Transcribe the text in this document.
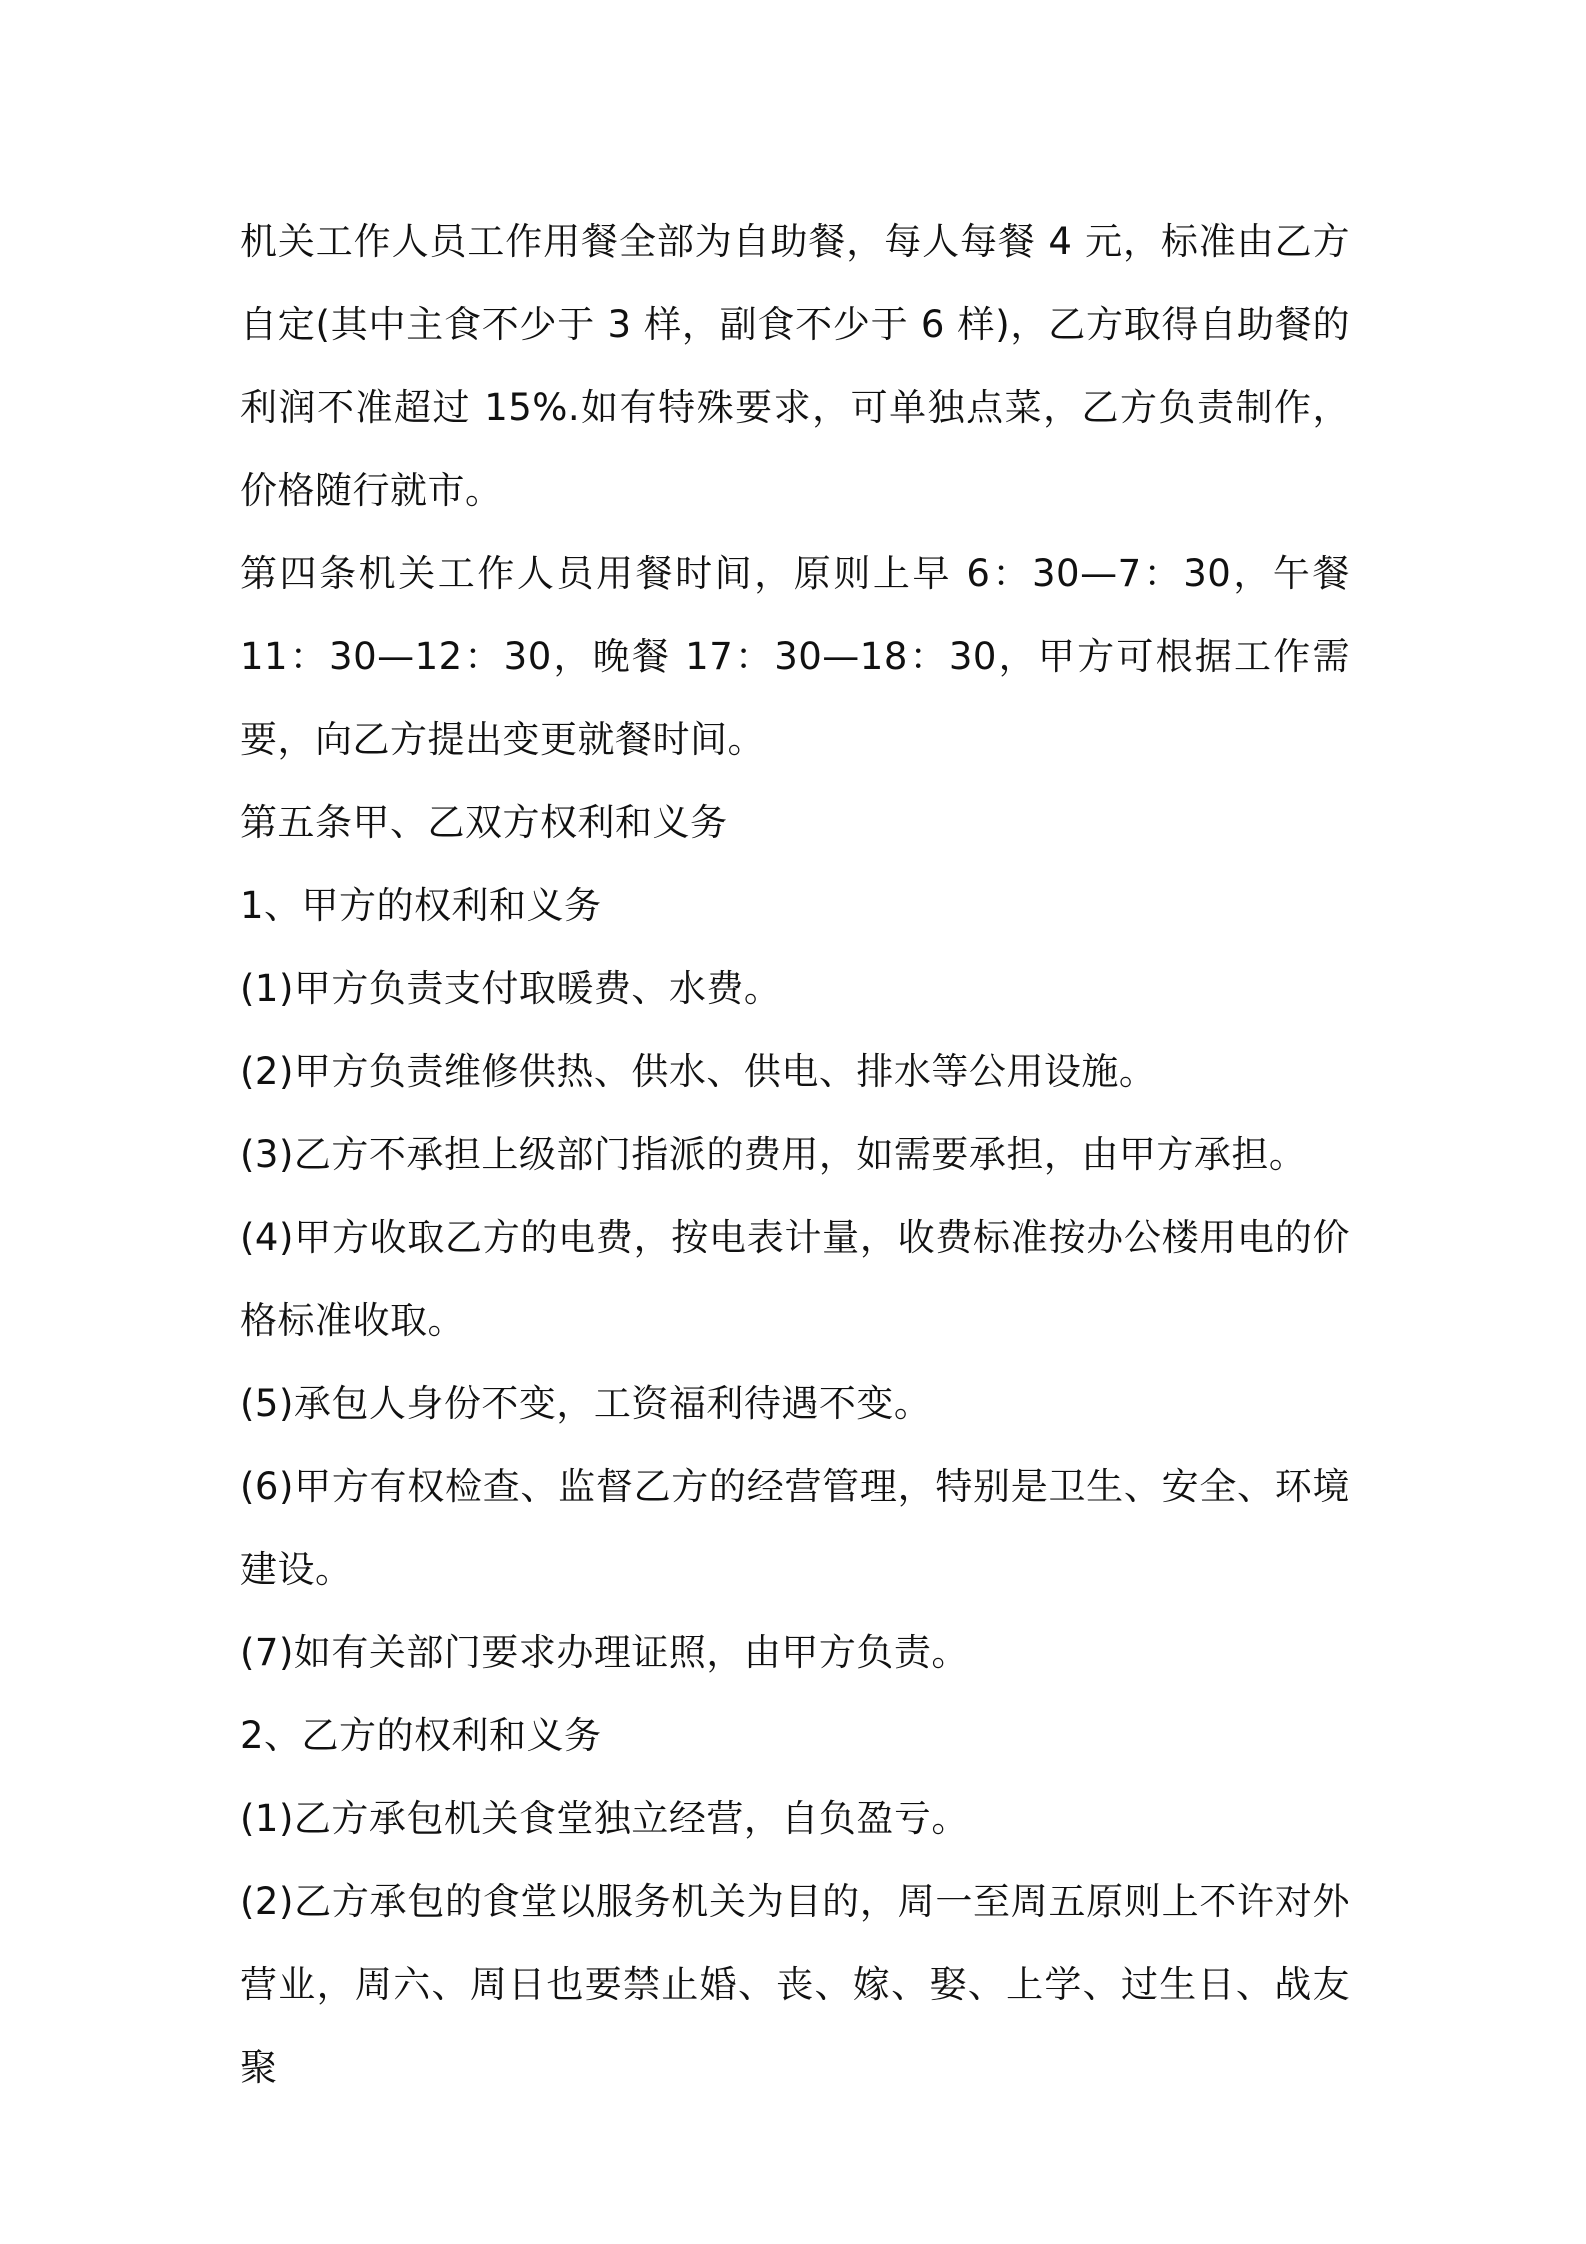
机关工作人员工作用餐全部为自助餐，每人每餐 4 元，标准由乙方自定(其中主食不少于 3 样，副食不少于 6 样)，乙方取得自助餐的利润不准超过 15%.如有特殊要求，可单独点菜，乙方负责制作，价格随行就市。

第四条机关工作人员用餐时间，原则上早 6：30—7：30，午餐 11：30—12：30，晚餐 17：30—18：30，甲方可根据工作需要，向乙方提出变更就餐时间。

第五条甲、乙双方权利和义务

1、甲方的权利和义务

(1)甲方负责支付取暖费、水费。

(2)甲方负责维修供热、供水、供电、排水等公用设施。

(3)乙方不承担上级部门指派的费用，如需要承担，由甲方承担。

(4)甲方收取乙方的电费，按电表计量，收费标准按办公楼用电的价格标准收取。

(5)承包人身份不变，工资福利待遇不变。

(6)甲方有权检查、监督乙方的经营管理，特别是卫生、安全、环境建设。

(7)如有关部门要求办理证照，由甲方负责。

2、乙方的权利和义务

(1)乙方承包机关食堂独立经营，自负盈亏。

(2)乙方承包的食堂以服务机关为目的，周一至周五原则上不许对外营业，周六、周日也要禁止婚、丧、嫁、娶、上学、过生日、战友聚
